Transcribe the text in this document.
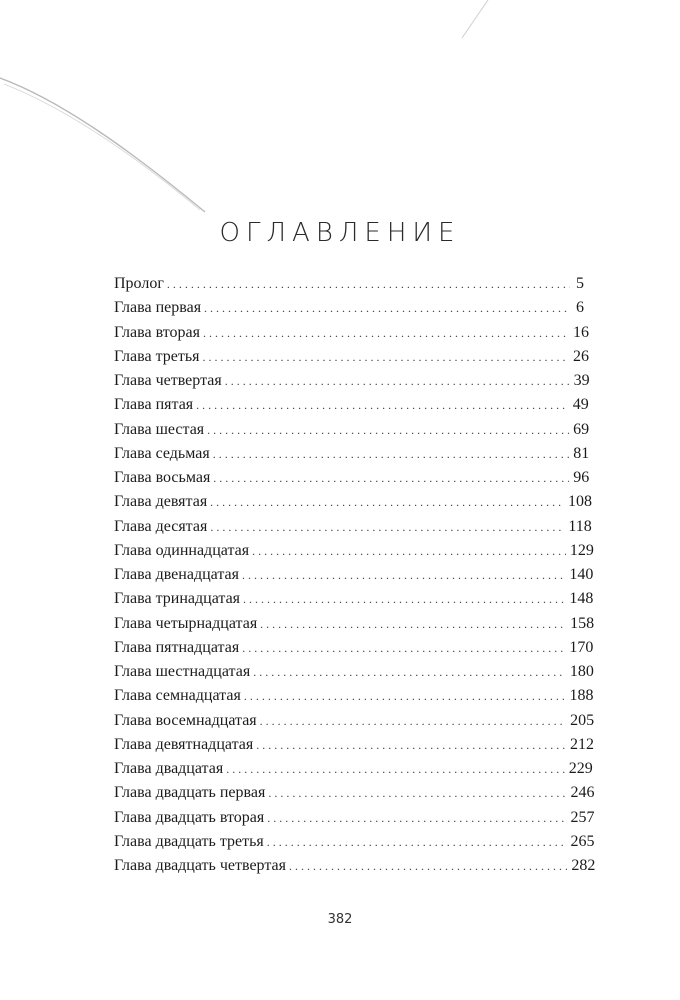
ОГЛАВЛЕНИЕ
Пролог . . .	5
Глава первая . . .	6
Глава вторая . . .	16
Глава третья . . .	26
Глава четвертая . . .	39
Глава пятая . . .	49
Глава шестая . . .	69
Глава седьмая . . .	81
Глава восьмая . . .	96
Глава девятая . . .	108
Глава десятая . . .	118
Глава одиннадцатая . . .	129
Глава двенадцатая . . .	140
Глава тринадцатая . . .	148
Глава четырнадцатая . . .	158
Глава пятнадцатая . . .	170
Глава шестнадцатая . . .	180
Глава семнадцатая . . .	188
Глава восемнадцатая . . .	205
Глава девятнадцатая . . .	212
Глава двадцатая . . .	229
Глава двадцать первая . . .	246
Глава двадцать вторая . . .	257
Глава двадцать третья . . .	265
Глава двадцать четвертая . . .	282
382
